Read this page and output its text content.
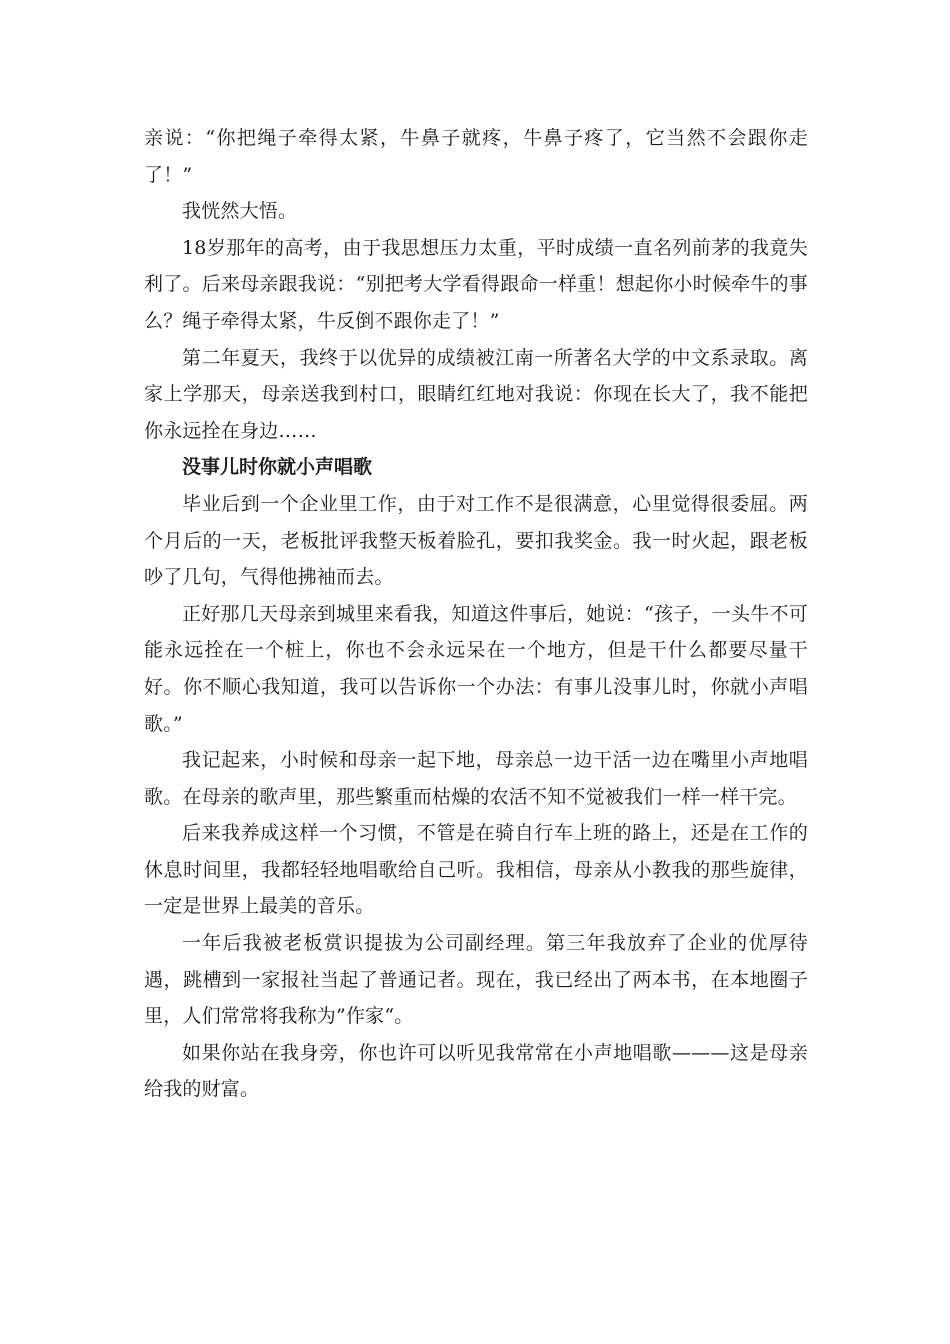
亲说：“你把绳子牵得太紧，牛鼻子就疼，牛鼻子疼了，它当然不会跟你走了！”

我恍然大悟。

18岁那年的高考，由于我思想压力太重，平时成绩一直名列前茅的我竟失利了。后来母亲跟我说：“别把考大学看得跟命一样重！想起你小时候牵牛的事么？绳子牵得太紧，牛反倒不跟你走了！”

第二年夏天，我终于以优异的成绩被江南一所著名大学的中文系录取。离家上学那天，母亲送我到村口，眼睛红红地对我说：你现在长大了，我不能把你永远拴在身边……

没事儿时你就小声唱歌

毕业后到一个企业里工作，由于对工作不是很满意，心里觉得很委屈。两个月后的一天，老板批评我整天板着脸孔，要扣我奖金。我一时火起，跟老板吵了几句，气得他拂袖而去。

正好那几天母亲到城里来看我，知道这件事后，她说：“孩子，一头牛不可能永远拴在一个桩上，你也不会永远呆在一个地方，但是干什么都要尽量干好。你不顺心我知道，我可以告诉你一个办法：有事儿没事儿时，你就小声唱歌。”

我记起来，小时候和母亲一起下地，母亲总一边干活一边在嘴里小声地唱歌。在母亲的歌声里，那些繁重而枯燥的农活不知不觉被我们一样一样干完。

后来我养成这样一个习惯，不管是在骑自行车上班的路上，还是在工作的休息时间里，我都轻轻地唱歌给自己听。我相信，母亲从小教我的那些旋律，一定是世界上最美的音乐。

一年后我被老板赏识提拔为公司副经理。第三年我放弃了企业的优厚待遇，跳槽到一家报社当起了普通记者。现在，我已经出了两本书，在本地圈子里，人们常常将我称为”作家“。

如果你站在我身旁，你也许可以听见我常常在小声地唱歌———这是母亲给我的财富。
